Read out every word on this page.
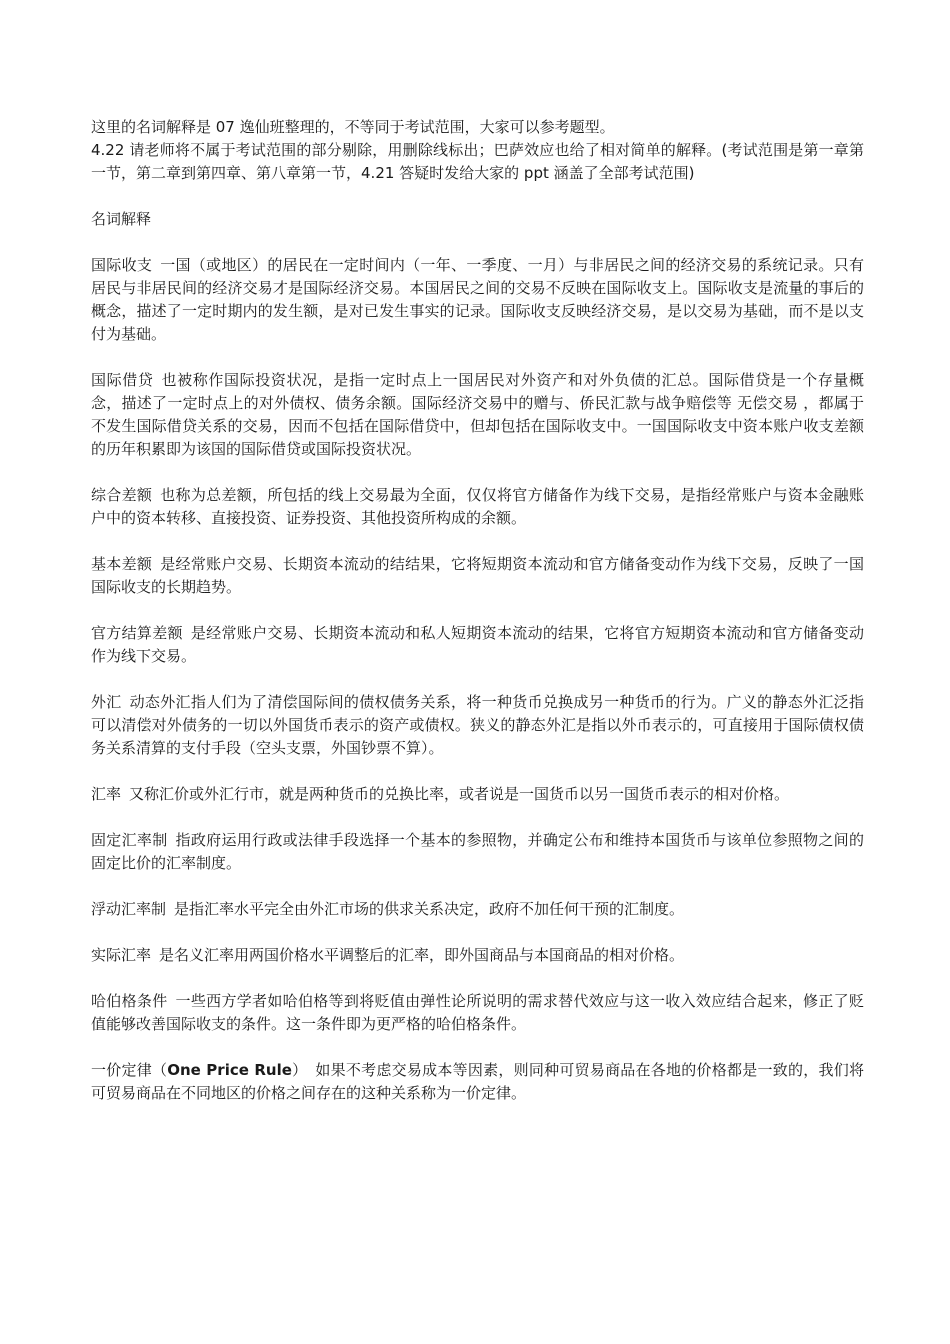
这里的名词解释是 07 逸仙班整理的，不等同于考试范围，大家可以参考题型。
4.22 请老师将不属于考试范围的部分剔除，用删除线标出；巴萨效应也给了相对简单的解释。(考试范围是第一章第一节，第二章到第四章、第八章第一节，4.21 答疑时发给大家的 ppt 涵盖了全部考试范围)
名词解释
国际收支 一国（或地区）的居民在一定时间内（一年、一季度、一月）与非居民之间的经济交易的系统记录。只有居民与非居民间的经济交易才是国际经济交易。本国居民之间的交易不反映在国际收支上。国际收支是流量的事后的概念，描述了一定时期内的发生额，是对已发生事实的记录。国际收支反映经济交易，是以交易为基础，而不是以支付为基础。
国际借贷 也被称作国际投资状况，是指一定时点上一国居民对外资产和对外负债的汇总。国际借贷是一个存量概念，描述了一定时点上的对外债权、债务余额。国际经济交易中的赠与、侨民汇款与战争赔偿等 无偿交易 ，都属于不发生国际借贷关系的交易，因而不包括在国际借贷中，但却包括在国际收支中。一国国际收支中资本账户收支差额的历年积累即为该国的国际借贷或国际投资状况。
综合差额 也称为总差额，所包括的线上交易最为全面，仅仅将官方储备作为线下交易，是指经常账户与资本金融账户中的资本转移、直接投资、证券投资、其他投资所构成的余额。
基本差额 是经常账户交易、长期资本流动的结结果，它将短期资本流动和官方储备变动作为线下交易，反映了一国国际收支的长期趋势。
官方结算差额 是经常账户交易、长期资本流动和私人短期资本流动的结果，它将官方短期资本流动和官方储备变动作为线下交易。
外汇 动态外汇指人们为了清偿国际间的债权债务关系，将一种货币兑换成另一种货币的行为。广义的静态外汇泛指可以清偿对外债务的一切以外国货币表示的资产或债权。狭义的静态外汇是指以外币表示的，可直接用于国际债权债务关系清算的支付手段（空头支票，外国钞票不算）。
汇率 又称汇价或外汇行市，就是两种货币的兑换比率，或者说是一国货币以另一国货币表示的相对价格。
固定汇率制 指政府运用行政或法律手段选择一个基本的参照物，并确定公布和维持本国货币与该单位参照物之间的固定比价的汇率制度。
浮动汇率制 是指汇率水平完全由外汇市场的供求关系决定，政府不加任何干预的汇制度。
实际汇率 是名义汇率用两国价格水平调整后的汇率，即外国商品与本国商品的相对价格。
哈伯格条件 一些西方学者如哈伯格等到将贬值由弹性论所说明的需求替代效应与这一收入效应结合起来，修正了贬值能够改善国际收支的条件。这一条件即为更严格的哈伯格条件。
一价定律（One Price Rule） 如果不考虑交易成本等因素，则同种可贸易商品在各地的价格都是一致的，我们将可贸易商品在不同地区的价格之间存在的这种关系称为一价定律。
